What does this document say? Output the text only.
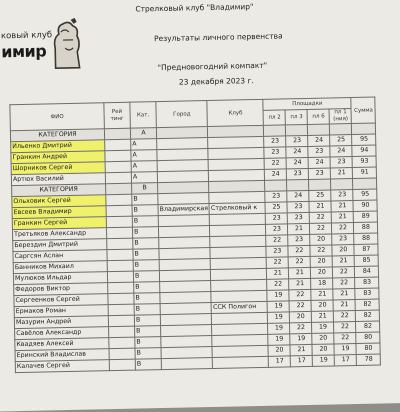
ковый клуб
имир
Стрелковый клуб "Владимир"
Результаты личного первенства
"Предновогодний компакт"
23 декабря 2023 г.
ФИО	Рей тинг	Кат.	Город	Клуб	Площадки				Сумма
					пл 2	пл 3	пл 6	пл 1 (ния)	
КАТЕГОРИЯ		А							
Ильенко Дмитрий		А			23	23	24	25	95
Гранкин Андрей		А			23	24	23	24	94
Шорников Сергей		А			22	24	24	23	93
Артюх Василий		А			24	23	23	21	91
КАТЕГОРИЯ		В							
Ольховик Сергей		В			23	24	25	23	95
Евсеев Владимир		В	Владимирская	Стрелковый к	25	23	21	21	90
Гранкин Сергей		В			23	23	22	21	89
Третьяков Александр		В			23	21	22	22	88
Берездин Дмитрий		В			22	23	20	23	88
Саргсян Аслан		В			23	22	22	20	87
Банников Михаил		В			22	22	20	21	85
Мулюков Ильдар		В			21	21	20	22	84
Федоров Виктор		В			22	21	18	22	83
Сергеенков Сергей		В			19	22	21	21	83
Ермаков Роман		В		ССК Полигон	19	22	20	21	82
Мазурин Андрей		В			19	20	21	22	82
Савёлов Александр		В			19	22	19	22	82
Квадяев Алексей		В			19	19	20	22	80
Еринский Владислав		В			20	21	20	19	80
Калачев Сергей		В			17	17	19	17	78
